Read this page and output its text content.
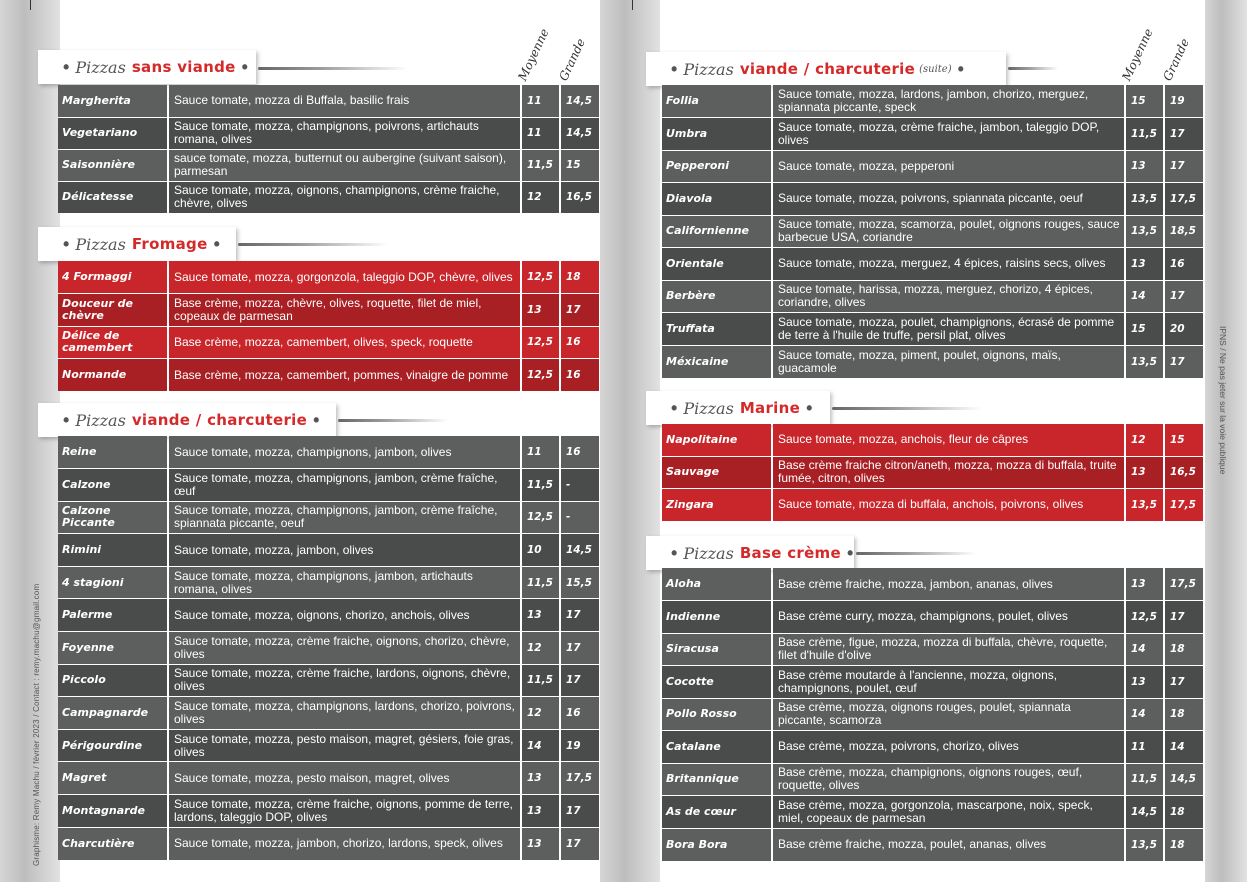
Graphisme: Remy Machu / février 2023 / Contact : remy.machu@gmail.com
IPNS / Ne pas jeter sur la voie publique
Moyenne Grande	Moyenne Grande
• Pizzas sans viande •
• Pizzas Fromage •
• Pizzas viande / charcuterie •
• Pizzas viande / charcuterie (suite) •
• Pizzas Marine •
• Pizzas Base crème •
Margherita	Sauce tomate, mozza di Buffala, basilic frais	11	14,5
Vegetariano	Sauce tomate, mozza, champignons, poivrons, artichauts romana, olives	11	14,5
Saisonnière	sauce tomate, mozza, butternut ou aubergine (suivant saison), parmesan	11,5	15
Délicatesse	Sauce tomate, mozza, oignons, champignons, crème fraiche, chèvre, olives	12	16,5
4 Formaggi	Sauce tomate, mozza, gorgonzola, taleggio DOP, chèvre, olives	12,5	18
Douceur de chèvre	Base crème, mozza, chèvre, olives, roquette, filet de miel, copeaux de parmesan	13	17
Délice de camembert	Base crème, mozza, camembert, olives, speck, roquette	12,5	16
Normande	Base crème, mozza, camembert, pommes, vinaigre de pomme	12,5	16
Reine	Sauce tomate, mozza, champignons, jambon, olives	11	16
Calzone	Sauce tomate, mozza, champignons, jambon, crème fraîche, œuf	11,5	-
Calzone Piccante	Sauce tomate, mozza, champignons, jambon, crème fraîche, spiannata piccante, oeuf	12,5	-
Rimini	Sauce tomate, mozza, jambon, olives	10	14,5
4 stagioni	Sauce tomate, mozza, champignons, jambon, artichauts romana, olives	11,5	15,5
Palerme	Sauce tomate, mozza, oignons, chorizo, anchois, olives	13	17
Foyenne	Sauce tomate, mozza, crème fraiche, oignons, chorizo, chèvre, olives	12	17
Piccolo	Sauce tomate, mozza, crème fraiche, lardons, oignons, chèvre, olives	11,5	17
Campagnarde	Sauce tomate, mozza, champignons, lardons, chorizo, poivrons, olives	12	16
Périgourdine	Sauce tomate, mozza, pesto maison, magret, gésiers, foie gras, olives	14	19
Magret	Sauce tomate, mozza, pesto maison, magret, olives	13	17,5
Montagnarde	Sauce tomate, mozza, crème fraiche, oignons, pomme de terre, lardons, taleggio DOP, olives	13	17
Charcutière	Sauce tomate, mozza, jambon, chorizo, lardons, speck, olives	13	17
Follia	Sauce tomate, mozza, lardons, jambon, chorizo, merguez, spiannata piccante, speck	15	19
Umbra	Sauce tomate, mozza, crème fraiche, jambon, taleggio DOP, olives	11,5	17
Pepperoni	Sauce tomate, mozza, pepperoni	13	17
Diavola	Sauce tomate, mozza, poivrons, spiannata piccante, oeuf	13,5	17,5
Californienne	Sauce tomate, mozza, scamorza, poulet, oignons rouges, sauce barbecue USA, coriandre	13,5	18,5
Orientale	Sauce tomate, mozza, merguez, 4 épices, raisins secs, olives	13	16
Berbère	Sauce tomate, harissa, mozza, merguez, chorizo, 4 épices, coriandre, olives	14	17
Truffata	Sauce tomate, mozza, poulet, champignons, écrasé de pomme de terre à l'huile de truffe, persil plat, olives	15	20
Méxicaine	Sauce tomate, mozza, piment, poulet, oignons, maïs, guacamole	13,5	17
Napolitaine	Sauce tomate, mozza, anchois, fleur de câpres	12	15
Sauvage	Base crème fraiche citron/aneth, mozza, mozza di buffala, truite fumée, citron, olives	13	16,5
Zingara	Sauce tomate, mozza di buffala, anchois, poivrons, olives	13,5	17,5
Aloha	Base crème fraiche, mozza, jambon, ananas, olives	13	17,5
Indienne	Base crème curry, mozza, champignons, poulet, olives	12,5	17
Siracusa	Base crème, figue, mozza, mozza di buffala, chèvre, roquette, filet d'huile d'olive	14	18
Cocotte	Base crème moutarde à l'ancienne, mozza, oignons, champignons, poulet, œuf	13	17
Pollo Rosso	Base crème, mozza, oignons rouges, poulet, spiannata piccante, scamorza	14	18
Catalane	Base crème, mozza, poivrons, chorizo, olives	11	14
Britannique	Base crème, mozza, champignons, oignons rouges, œuf, roquette, olives	11,5	14,5
As de cœur	Base crème, mozza, gorgonzola, mascarpone, noix, speck, miel, copeaux de parmesan	14,5	18
Bora Bora	Base crème fraiche, mozza, poulet, ananas, olives	13,5	18
